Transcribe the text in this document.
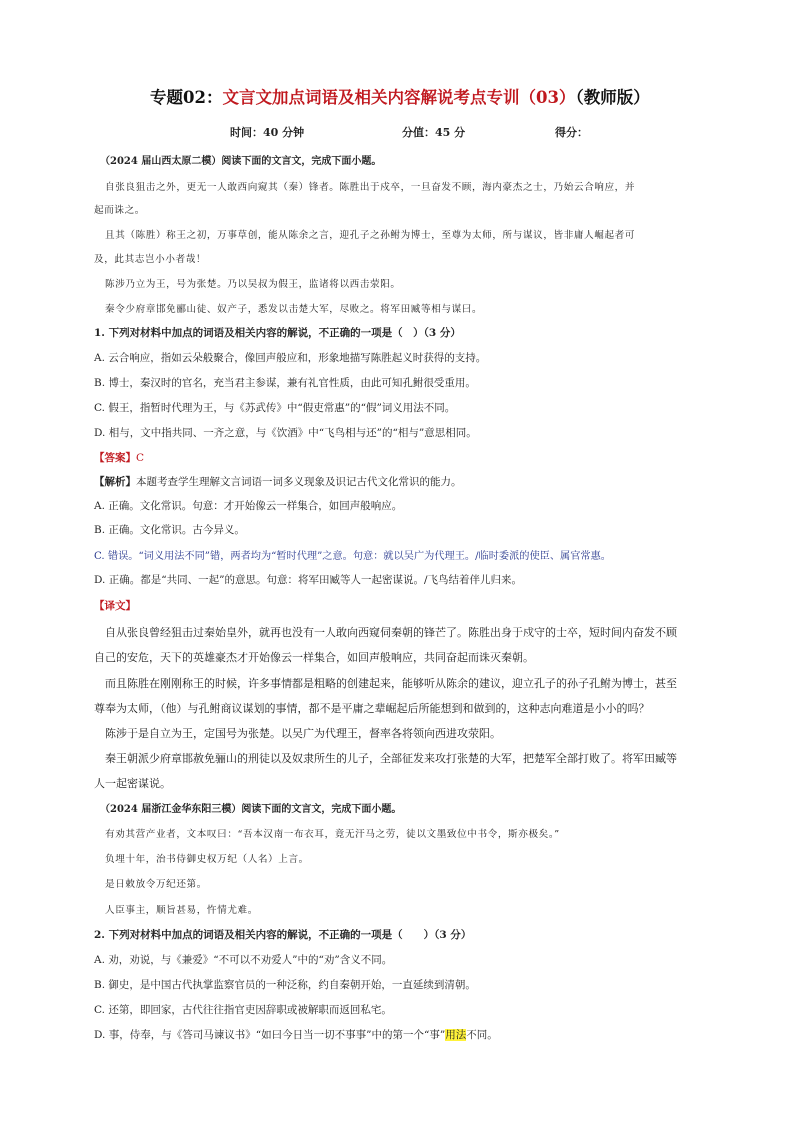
专题02：文言文加点词语及相关内容解说考点专训（03）（教师版）
时间：40 分钟	分值：45 分	得分：
（2024 届山西太原二模）阅读下面的文言文，完成下面小题。
自张良狙击之外，更无一人敢西向窥其（秦）锋者。陈胜出于戍卒，一旦奋发不顾，海内豪杰之士，乃始云合响应，并
起而诛之。
且其（陈胜）称王之初，万事草创，能从陈余之言，迎孔子之孙鲋为博士，至尊为太师，所与谋议，皆非庸人崛起者可
及，此其志岂小小者哉！
陈涉乃立为王，号为张楚。乃以吴叔为假王，监诸将以西击荥阳。
秦令少府章邯免郦山徒、奴产子，悉发以击楚大军，尽败之。将军田臧等相与谋曰。
1. 下列对材料中加点的词语及相关内容的解说，不正确的一项是（　）（3 分）
A. 云合响应，指如云朵般聚合，像回声般应和，形象地描写陈胜起义时获得的支持。
B. 博士，秦汉时的官名，充当君主参谋，兼有礼官性质，由此可知孔鲋很受重用。
C. 假王，指暂时代理为王，与《苏武传》中“假吏常惠”的“假”词义用法不同。
D. 相与，文中指共同、一齐之意，与《饮酒》中“飞鸟相与还”的“相与”意思相同。
【答案】C
【解析】本题考查学生理解文言词语一词多义现象及识记古代文化常识的能力。
A. 正确。文化常识。句意：才开始像云一样集合，如回声般响应。
B. 正确。文化常识。古今异义。
C. 错误。“词义用法不同”错，两者均为“暂时代理”之意。句意：就以吴广为代理王。/临时委派的使臣、属官常惠。
D. 正确。都是“共同、一起”的意思。句意：将军田臧等人一起密谋说。/飞鸟结着伴儿归来。
【译文】
自从张良曾经狙击过秦始皇外，就再也没有一人敢向西窥伺秦朝的锋芒了。陈胜出身于戍守的士卒，短时间内奋发不顾
自己的安危，天下的英雄豪杰才开始像云一样集合，如回声般响应，共同奋起而诛灭秦朝。
而且陈胜在刚刚称王的时候，许多事情都是粗略的创建起来，能够听从陈余的建议，迎立孔子的孙子孔鲋为博士，甚至
尊奉为太师，（他）与孔鲋商议谋划的事情，都不是平庸之辈崛起后所能想到和做到的，这种志向难道是小小的吗？
陈涉于是自立为王，定国号为张楚。以吴广为代理王，督率各将领向西进攻荥阳。
秦王朝派少府章邯赦免骊山的刑徒以及奴隶所生的儿子，全部征发来攻打张楚的大军，把楚军全部打败了。将军田臧等
人一起密谋说。
（2024 届浙江金华东阳三模）阅读下面的文言文，完成下面小题。
有劝其营产业者，文本叹曰：“吾本汉南一布衣耳，竟无汗马之劳，徒以文墨致位中书令，斯亦极矣。”
负埋十年，治书侍御史权万纪（人名）上言。
是日敕放令万纪还第。
人臣事主，顺旨甚易，忤情尤难。
2. 下列对材料中加点的词语及相关内容的解说，不正确的一项是（　　）（3 分）
A. 劝，劝说，与《兼爱》“不可以不劝爱人”中的“劝”含义不同。
B. 御史，是中国古代执掌监察官员的一种泛称，约自秦朝开始，一直延续到清朝。
C. 还第，即回家，古代往往指官吏因辞职或被解职而返回私宅。
D. 事，侍奉，与《答司马谏议书》“如曰今日当一切不事事”中的第一个“事”用法不同。
